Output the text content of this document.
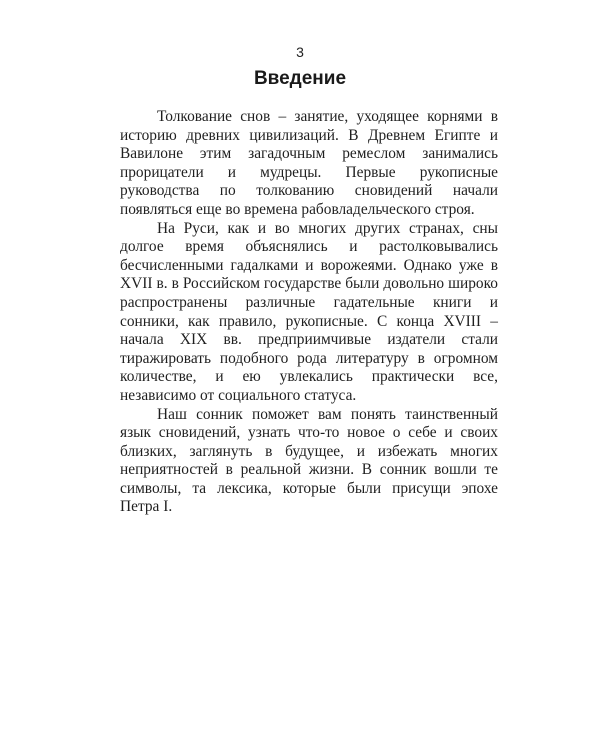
3
Введение

Толкование снов – занятие, уходящее корнями в историю древних цивилизаций. В Древнем Египте и Вавилоне этим загадочным ремеслом занимались прорицатели и мудрецы. Первые рукописные руководства по толкованию сновидений начали появляться еще во времена рабовладельческого строя.

На Руси, как и во многих других странах, сны долгое время объяснялись и растолковывались бесчисленными гадалками и ворожеями. Однако уже в XVII в. в Российском государстве были довольно широко распространены различные гадательные книги и сонники, как правило, рукописные. С конца XVIII – начала XIX вв. предприимчивые издатели стали тиражировать подобного рода литературу в огромном количестве, и ею увлекались практически все, независимо от социального статуса.

Наш сонник поможет вам понять таинственный язык сновидений, узнать что-то новое о себе и своих близких, заглянуть в будущее, и избежать многих неприятностей в реальной жизни. В сонник вошли те символы, та лексика, которые были присущи эпохе Петра I.
